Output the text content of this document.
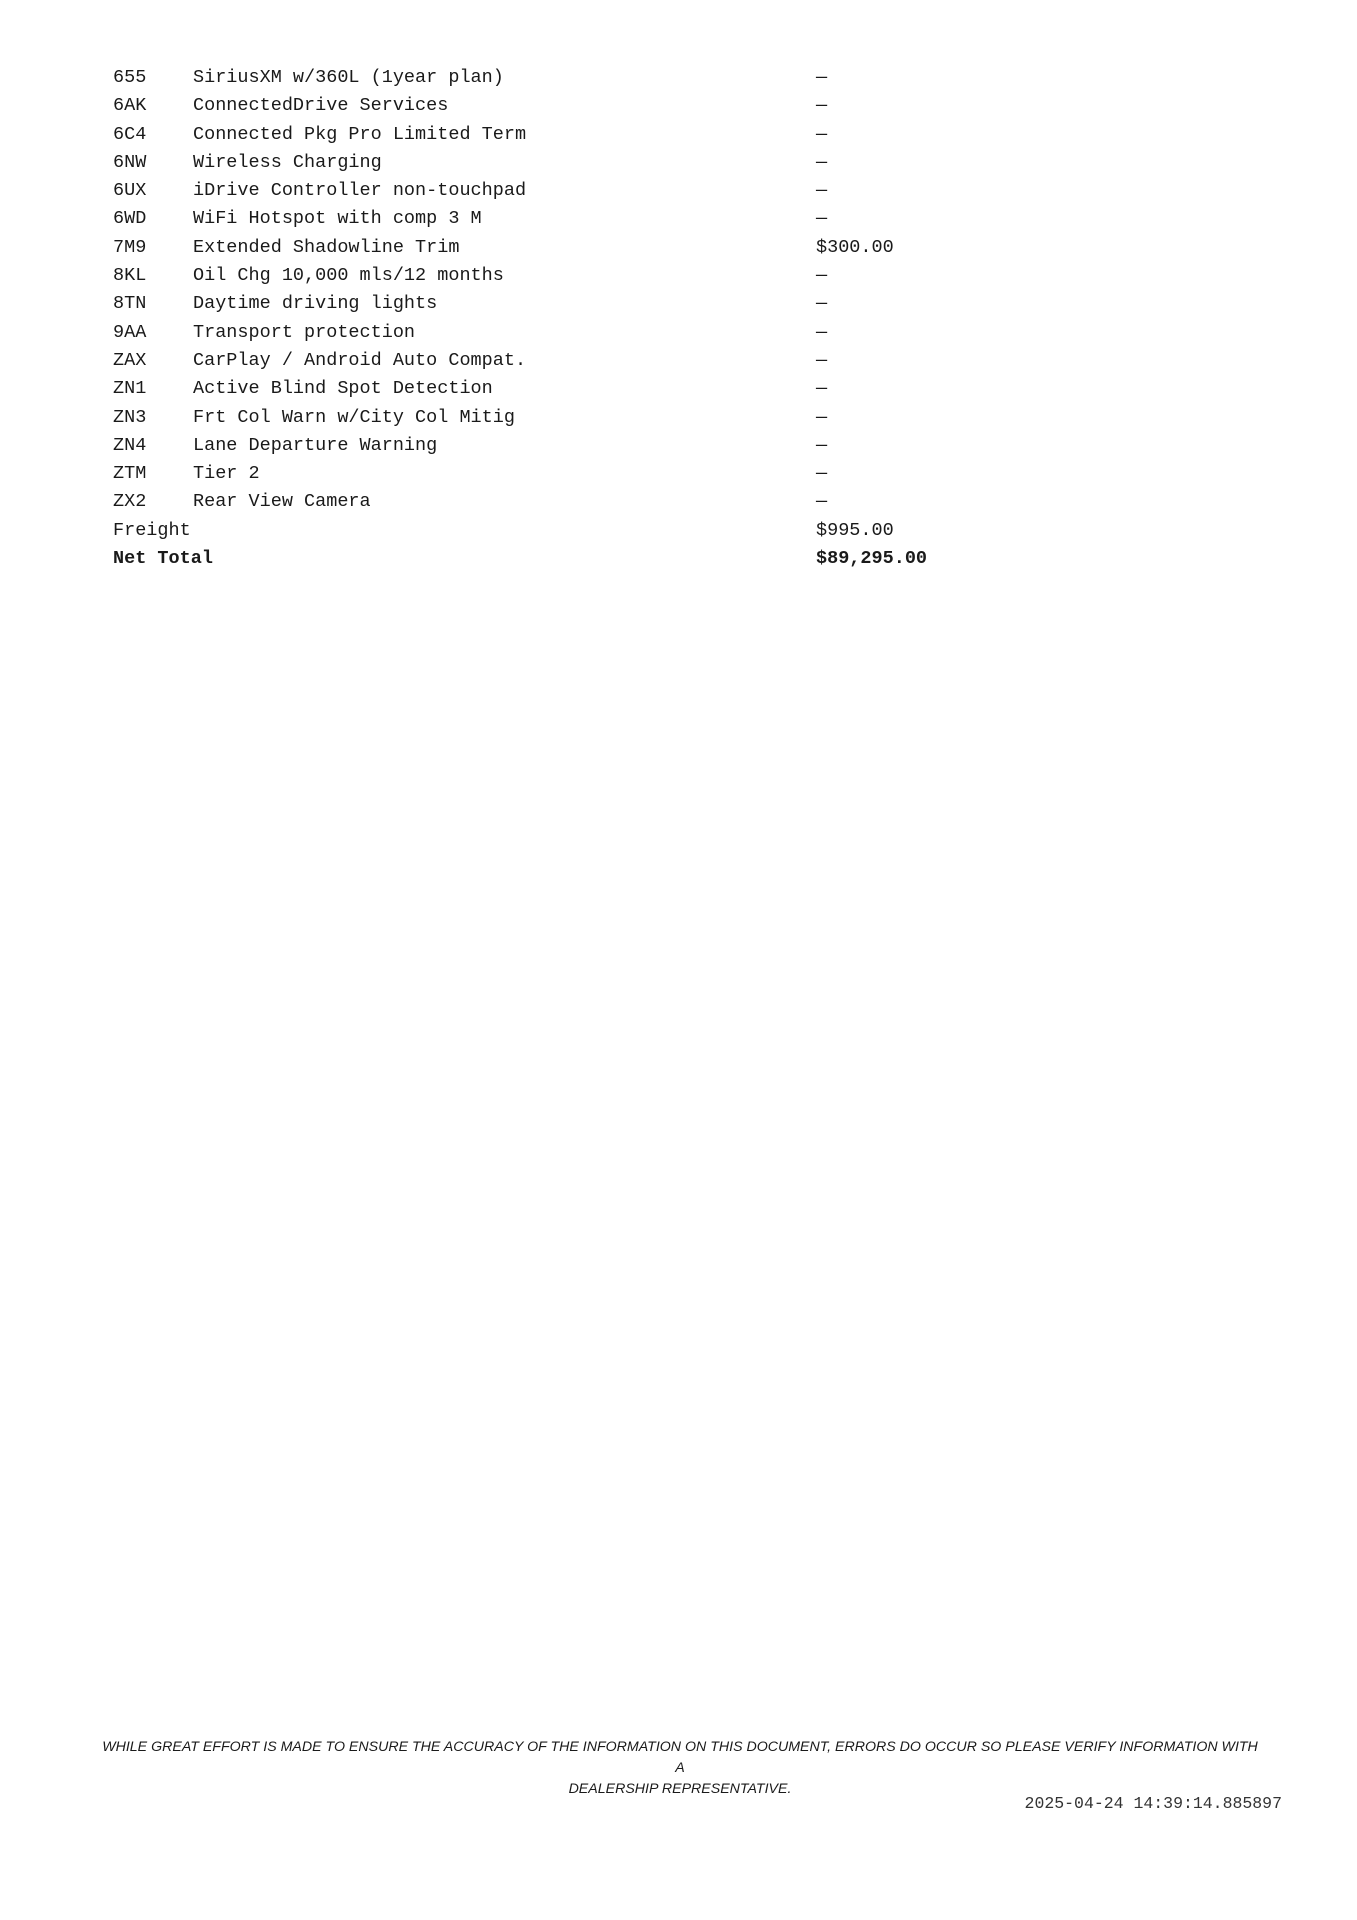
655	SiriusXM w/360L (1year plan)	—
6AK	ConnectedDrive Services	—
6C4	Connected Pkg Pro Limited Term	—
6NW	Wireless Charging	—
6UX	iDrive Controller non-touchpad	—
6WD	WiFi Hotspot with comp 3 M	—
7M9	Extended Shadowline Trim	$300.00
8KL	Oil Chg 10,000 mls/12 months	—
8TN	Daytime driving lights	—
9AA	Transport protection	—
ZAX	CarPlay / Android Auto Compat.	—
ZN1	Active Blind Spot Detection	—
ZN3	Frt Col Warn w/City Col Mitig	—
ZN4	Lane Departure Warning	—
ZTM	Tier 2	—
ZX2	Rear View Camera	—
Freight	$995.00
Net Total	$89,295.00
WHILE GREAT EFFORT IS MADE TO ENSURE THE ACCURACY OF THE INFORMATION ON THIS DOCUMENT, ERRORS DO OCCUR SO PLEASE VERIFY INFORMATION WITH A
DEALERSHIP REPRESENTATIVE.
2025-04-24 14:39:14.885897
